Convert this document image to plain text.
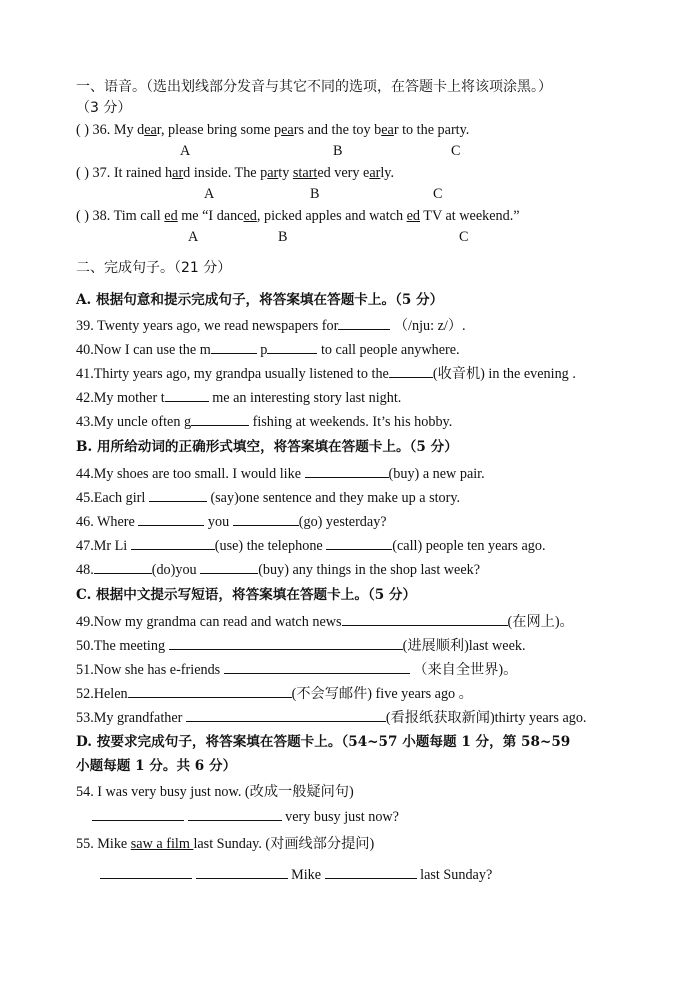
一、语音。（选出划线部分发音与其它不同的选项，在答题卡上将该项涂黑。）
（3 分）
( ) 36. My dear, please bring some pears and the toy bear to the party.
A	B	C
( ) 37. It rained hard inside. The party started very early.
A	B	C
( ) 38. Tim call ed me “I danced, picked apples and watch ed TV at weekend.”
A	B	C
二、完成句子。（21 分）
A. 根据句意和提示完成句子，将答案填在答题卡上。（5 分）
39. Twenty years ago, we read newspapers for	（/nju: z/）.
40.Now I can use the m	p	to call people anywhere.
41.Thirty years ago, my grandpa usually listened to the	(收音机) in the evening .
42.My mother t	me an interesting story last night.
43.My uncle often g	fishing at weekends. It’s his hobby.
B. 用所给动词的正确形式填空，将答案填在答题卡上。（5 分）
44.My shoes are too small. I would like	(buy) a new pair.
45.Each girl	(say)one sentence and they make up a story.
46. Where	you	(go) yesterday?
47.Mr Li	(use) the telephone	(call) people ten years ago.
48.	(do)you	(buy) any things in the shop last week?
C. 根据中文提示写短语，将答案填在答题卡上。（5 分）
49.Now my grandma can read and watch news	(在网上)。
50.The meeting	(进展顺利)last week.
51.Now she has e-friends	（来自全世界)。
52.Helen	(不会写邮件) five years ago 。
53.My grandfather	(看报纸获取新闻)thirty years ago.
D. 按要求完成句子，将答案填在答题卡上。（54~57 小题每题 1 分，第 58~59
小题每题 1 分。共 6 分）
54. I was very busy just now. (改成一般疑问句)
very busy just now?
55. Mike saw a film last Sunday. (对画线部分提问)
Mike	last Sunday?
